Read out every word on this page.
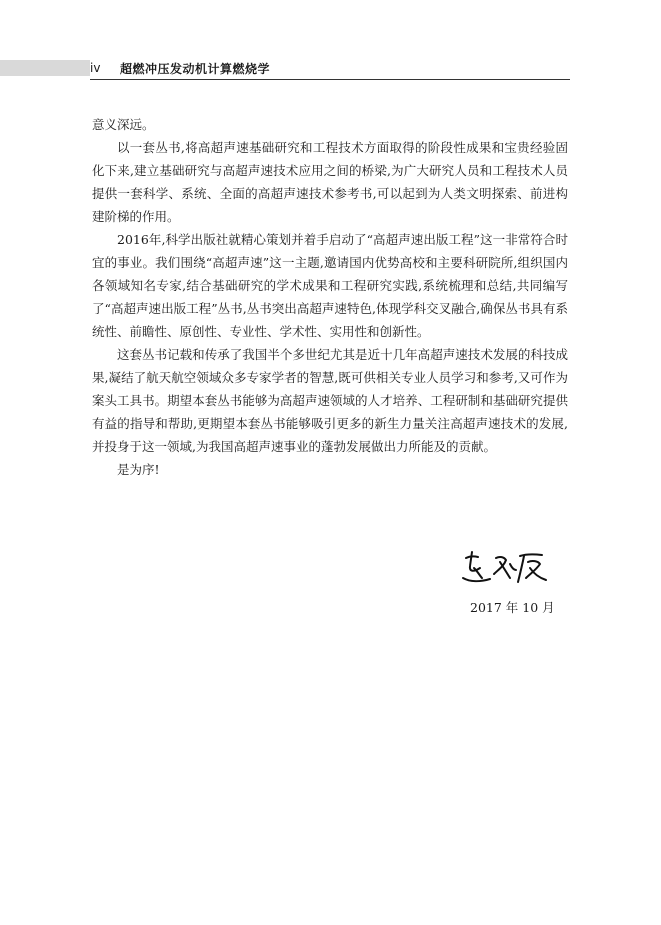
iv 超燃冲压发动机计算燃烧学

意义深远。

以一套丛书,将高超声速基础研究和工程技术方面取得的阶段性成果和宝贵经验固化下来,建立基础研究与高超声速技术应用之间的桥梁,为广大研究人员和工程技术人员提供一套科学、系统、全面的高超声速技术参考书,可以起到为人类文明探索、前进构建阶梯的作用。

2016年,科学出版社就精心策划并着手启动了“高超声速出版工程”这一非常符合时宜的事业。我们围绕“高超声速”这一主题,邀请国内优势高校和主要科研院所,组织国内各领域知名专家,结合基础研究的学术成果和工程研究实践,系统梳理和总结,共同编写了“高超声速出版工程”丛书,丛书突出高超声速特色,体现学科交叉融合,确保丛书具有系统性、前瞻性、原创性、专业性、学术性、实用性和创新性。

这套丛书记载和传承了我国半个多世纪尤其是近十几年高超声速技术发展的科技成果,凝结了航天航空领域众多专家学者的智慧,既可供相关专业人员学习和参考,又可作为案头工具书。期望本套丛书能够为高超声速领域的人才培养、工程研制和基础研究提供有益的指导和帮助,更期望本套丛书能够吸引更多的新生力量关注高超声速技术的发展,并投身于这一领域,为我国高超声速事业的蓬勃发展做出力所能及的贡献。

是为序!

2017 年 10 月
